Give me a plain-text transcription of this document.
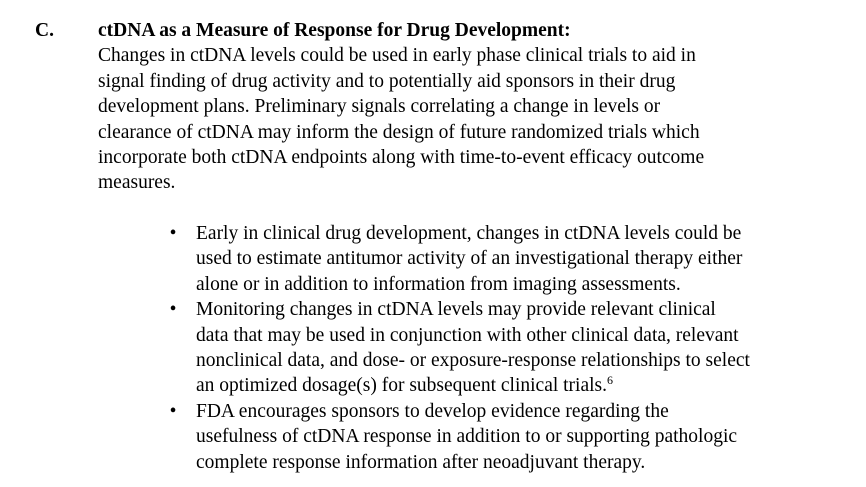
C. ctDNA as a Measure of Response for Drug Development:
Changes in ctDNA levels could be used in early phase clinical trials to aid in
signal finding of drug activity and to potentially aid sponsors in their drug
development plans. Preliminary signals correlating a change in levels or
clearance of ctDNA may inform the design of future randomized trials which
incorporate both ctDNA endpoints along with time-to-event efficacy outcome
measures.
• Early in clinical drug development, changes in ctDNA levels could be
used to estimate antitumor activity of an investigational therapy either
alone or in addition to information from imaging assessments.
• Monitoring changes in ctDNA levels may provide relevant clinical
data that may be used in conjunction with other clinical data, relevant
nonclinical data, and dose- or exposure-response relationships to select
an optimized dosage(s) for subsequent clinical trials.$^6$
• FDA encourages sponsors to develop evidence regarding the
usefulness of ctDNA response in addition to or supporting pathologic
complete response information after neoadjuvant therapy.
